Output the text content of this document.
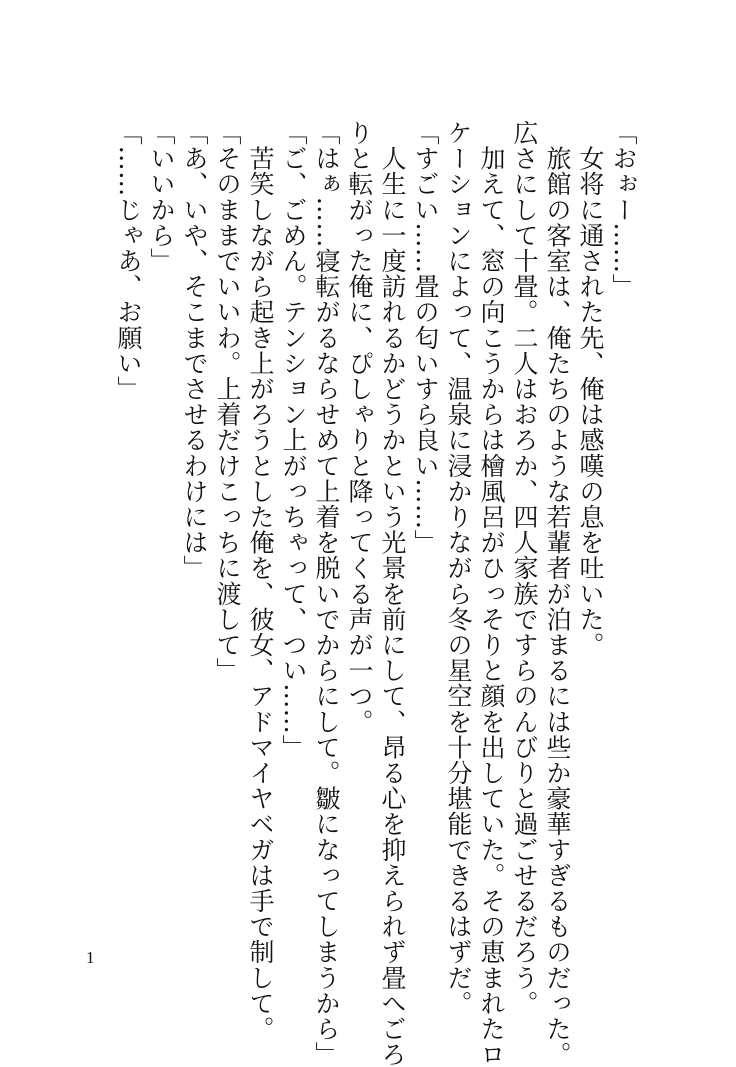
「おぉー……」
　女将に通された先、俺は感嘆の息を吐いた。
　旅館の客室は、俺たちのような若輩者が泊まるには些か豪華すぎるものだった。
広さにして十畳。二人はおろか、四人家族ですらのんびりと過ごせるだろう。
　加えて、窓の向こうからは檜風呂がひっそりと顔を出していた。その恵まれたロ
ケーションによって、温泉に浸かりながら冬の星空を十分堪能できるはずだ。
「すごい……畳の匂いすら良い……」
　人生に一度訪れるかどうかという光景を前にして、昂る心を抑えられず畳へごろ
りと転がった俺に、ぴしゃりと降ってくる声が一つ。
「はぁ……寝転がるならせめて上着を脱いでからにして。皺になってしまうから」
「ご、ごめん。テンション上がっちゃって、つい……」
　苦笑しながら起き上がろうとした俺を、彼女、アドマイヤベガは手で制して。
「そのままでいいわ。上着だけこっちに渡して」
「あ、いや、そこまでさせるわけには」
「いいから」
「……じゃあ、お願い」
1
